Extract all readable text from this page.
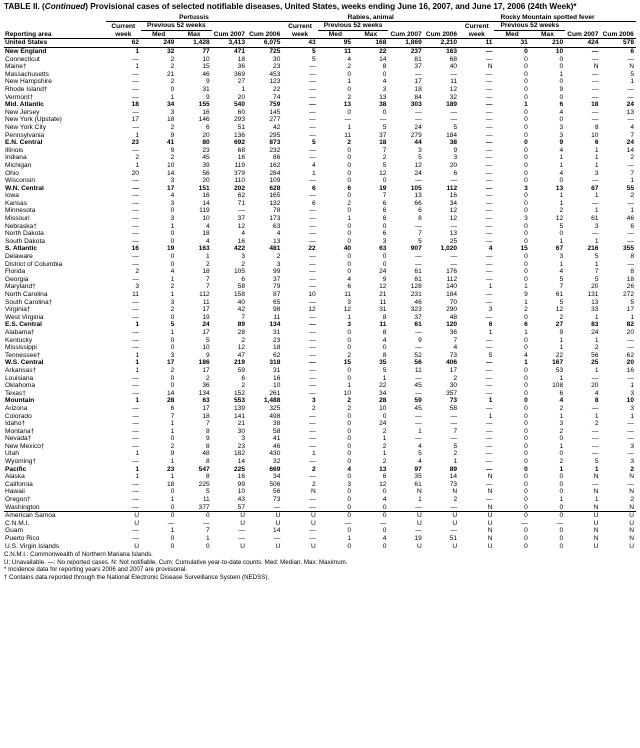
TABLE II. (Continued) Provisional cases of selected notifiable diseases, United States, weeks ending June 16, 2007, and June 17, 2006 (24th Week)*
Reporting area	Pertussis					Rabies, animal					Rocky Mountain spotted fever				
	Current week	Previous 52 weeks		Cum 2007	Cum 2006	Current week	Previous 52 weeks		Cum 2007	Cum 2006	Current week	Previous 52 weeks		Cum 2007	Cum 2006

		Med	Max				Med	Max				Med	Max		
United States	62	249	1,428	3,413	6,075	43	95	168	1,869	2,210	11	31	210	424	578
New England	1	32	77	471	725	5	11	22	237	163	—	0	10	—	6
Connecticut	—	2	10	18	30	5	4	14	81	68	—	0	0	—	—
Maine†	1	2	15	36	23	—	2	8	37	40	N	0	0	N	N
Massachusetts	—	21	46	369	453	—	0	0	—	—	—	0	1	—	5
New Hampshire	—	2	9	27	123	—	1	4	17	11	—	0	0	—	1
Rhode Island†	—	0	31	1	22	—	0	3	18	12	—	0	9	—	—
Vermont†	—	1	9	20	74	—	2	13	84	32	—	0	0	—	—
Mid. Atlantic	18	34	155	540	759	—	13	38	303	189	—	1	6	18	24
New Jersey	—	3	16	60	145	—	0	0	—	—	—	0	4	—	13
New York (Upstate)	17	18	146	293	277	—	—	—	—	—	—	0	0	—	—
New York City	—	2	6	51	42	—	1	5	24	5	—	0	3	8	4
Pennsylvania	1	9	20	136	295	—	11	37	279	184	—	0	3	10	7
E.N. Central	23	41	80	692	873	5	2	18	44	38	—	0	9	6	24
Illinois	—	9	23	68	232	—	0	7	3	9	—	0	4	1	14
Indiana	2	2	45	16	86	—	0	2	5	3	—	0	1	1	2
Michigan	1	10	39	119	162	4	0	5	12	20	—	0	1	1	—
Ohio	20	14	56	379	284	1	0	12	24	6	—	0	4	3	7
Wisconsin	—	3	20	110	109	—	0	0	—	—	—	0	0	—	1
W.N. Central	—	17	151	202	628	6	6	19	105	112	—	3	13	67	55
Iowa	—	4	16	62	165	—	0	7	13	16	—	0	1	1	2
Kansas	—	3	14	71	132	6	2	6	66	34	—	0	1	—	—
Minnesota	—	0	119	—	78	—	0	6	6	12	—	0	2	1	1
Missouri	—	3	10	37	173	—	1	6	8	12	—	3	12	61	46
Nebraska†	—	1	4	12	63	—	0	0	—	—	—	0	5	3	6
North Dakota	—	0	18	4	4	—	0	6	7	13	—	0	0	—	—
South Dakota	—	0	4	16	13	—	0	3	5	25	—	0	1	1	—
S. Atlantic	16	19	163	422	481	22	40	63	907	1,020	4	15	67	216	355
Delaware	—	0	1	3	2	—	0	0	—	—	—	0	3	5	8
District of Columbia	—	0	2	2	3	—	0	0	—	—	—	0	1	1	—
Florida	2	4	18	105	99	—	0	24	61	176	—	0	4	7	8
Georgia	—	1	7	6	37	—	4	9	81	112	—	0	5	5	18
Maryland†	3	2	7	58	79	—	6	12	128	140	1	1	7	20	26
North Carolina	11	1	112	158	87	10	11	21	231	184	—	9	61	131	272
South Carolina†	—	3	11	40	65	—	3	11	46	70	—	1	5	13	5
Virginia†	—	2	17	42	98	12	12	31	323	290	3	2	12	33	17
West Virginia	—	0	19	7	11	—	1	8	37	48	—	0	2	1	1
E.S. Central	1	5	24	89	134	—	3	11	61	120	6	6	27	83	82
Alabama†	—	1	17	28	31	—	0	8	—	36	1	1	9	24	20
Kentucky	—	0	5	2	23	—	0	4	9	7	—	0	1	1	—
Mississippi	—	0	10	12	18	—	0	0	—	4	—	0	1	2	—
Tennessee†	1	3	9	47	62	—	2	8	52	73	5	4	22	56	62
W.S. Central	1	17	186	219	318	—	15	35	56	406	—	1	167	25	20
Arkansas†	1	2	17	59	31	—	0	5	11	17	—	0	53	1	16
Louisiana	—	0	2	6	16	—	0	1	—	2	—	0	1	—	—
Oklahoma	—	0	36	2	10	—	1	22	45	30	—	0	108	20	1
Texas†	—	14	134	152	261	—	10	34	—	357	—	0	6	4	3
Mountain	1	28	63	553	1,488	3	2	28	59	73	1	0	4	8	10
Arizona	—	6	17	139	325	2	2	10	45	58	—	0	2	—	3
Colorado	—	7	18	141	498	—	0	0	—	—	1	0	1	1	1
Idaho†	—	1	7	21	38	—	0	24	—	—	—	0	3	2	—
Montana†	—	1	8	30	58	—	0	2	1	7	—	0	2	—	—
Nevada†	—	0	9	3	41	—	0	1	—	—	—	0	0	—	—
New Mexico†	—	2	8	23	46	—	0	2	4	5	—	0	1	—	3
Utah	1	9	48	182	430	1	0	1	5	2	—	0	0	—	—
Wyoming†	—	1	8	14	32	—	0	2	4	1	—	0	2	5	3
Pacific	1	23	547	225	669	2	4	13	97	89	—	0	1	1	2
Alaska	1	1	8	16	34	—	0	6	35	14	N	0	0	N	N
California	—	18	225	99	506	2	3	12	61	73	—	0	0	—	—
Hawaii	—	0	5	10	56	N	0	0	N	N	N	0	0	N	N
Oregon†	—	1	11	43	73	—	0	4	1	2	—	0	1	1	2
Washington	—	0	377	57	—	—	0	0	—	—	N	0	0	N	N
American Samoa	U	0	0	U	U	U	0	0	U	U	U	0	0	U	U
C.N.M.I.	U	—	—	U	U	U	—	—	U	U	U	—	—	U	U
Guam	—	1	7	—	14	—	0	0	—	—	N	0	0	N	N
Puerto Rico	—	0	1	—	—	—	1	4	19	51	N	0	0	N	N
U.S. Virgin Islands	U	0	0	U	U	U	0	0	U	U	U	0	0	U	U
C.N.M.I.: Commonwealth of Northern Mariana Islands.
U: Unavailable. —: No reported cases. N: Not notifiable. Cum: Cumulative year-to-date counts. Med: Median. Max: Maximum.
* Incidence data for reporting years 2006 and 2007 are provisional.
† Contains data reported through the National Electronic Disease Surveillance System (NEDSS).
